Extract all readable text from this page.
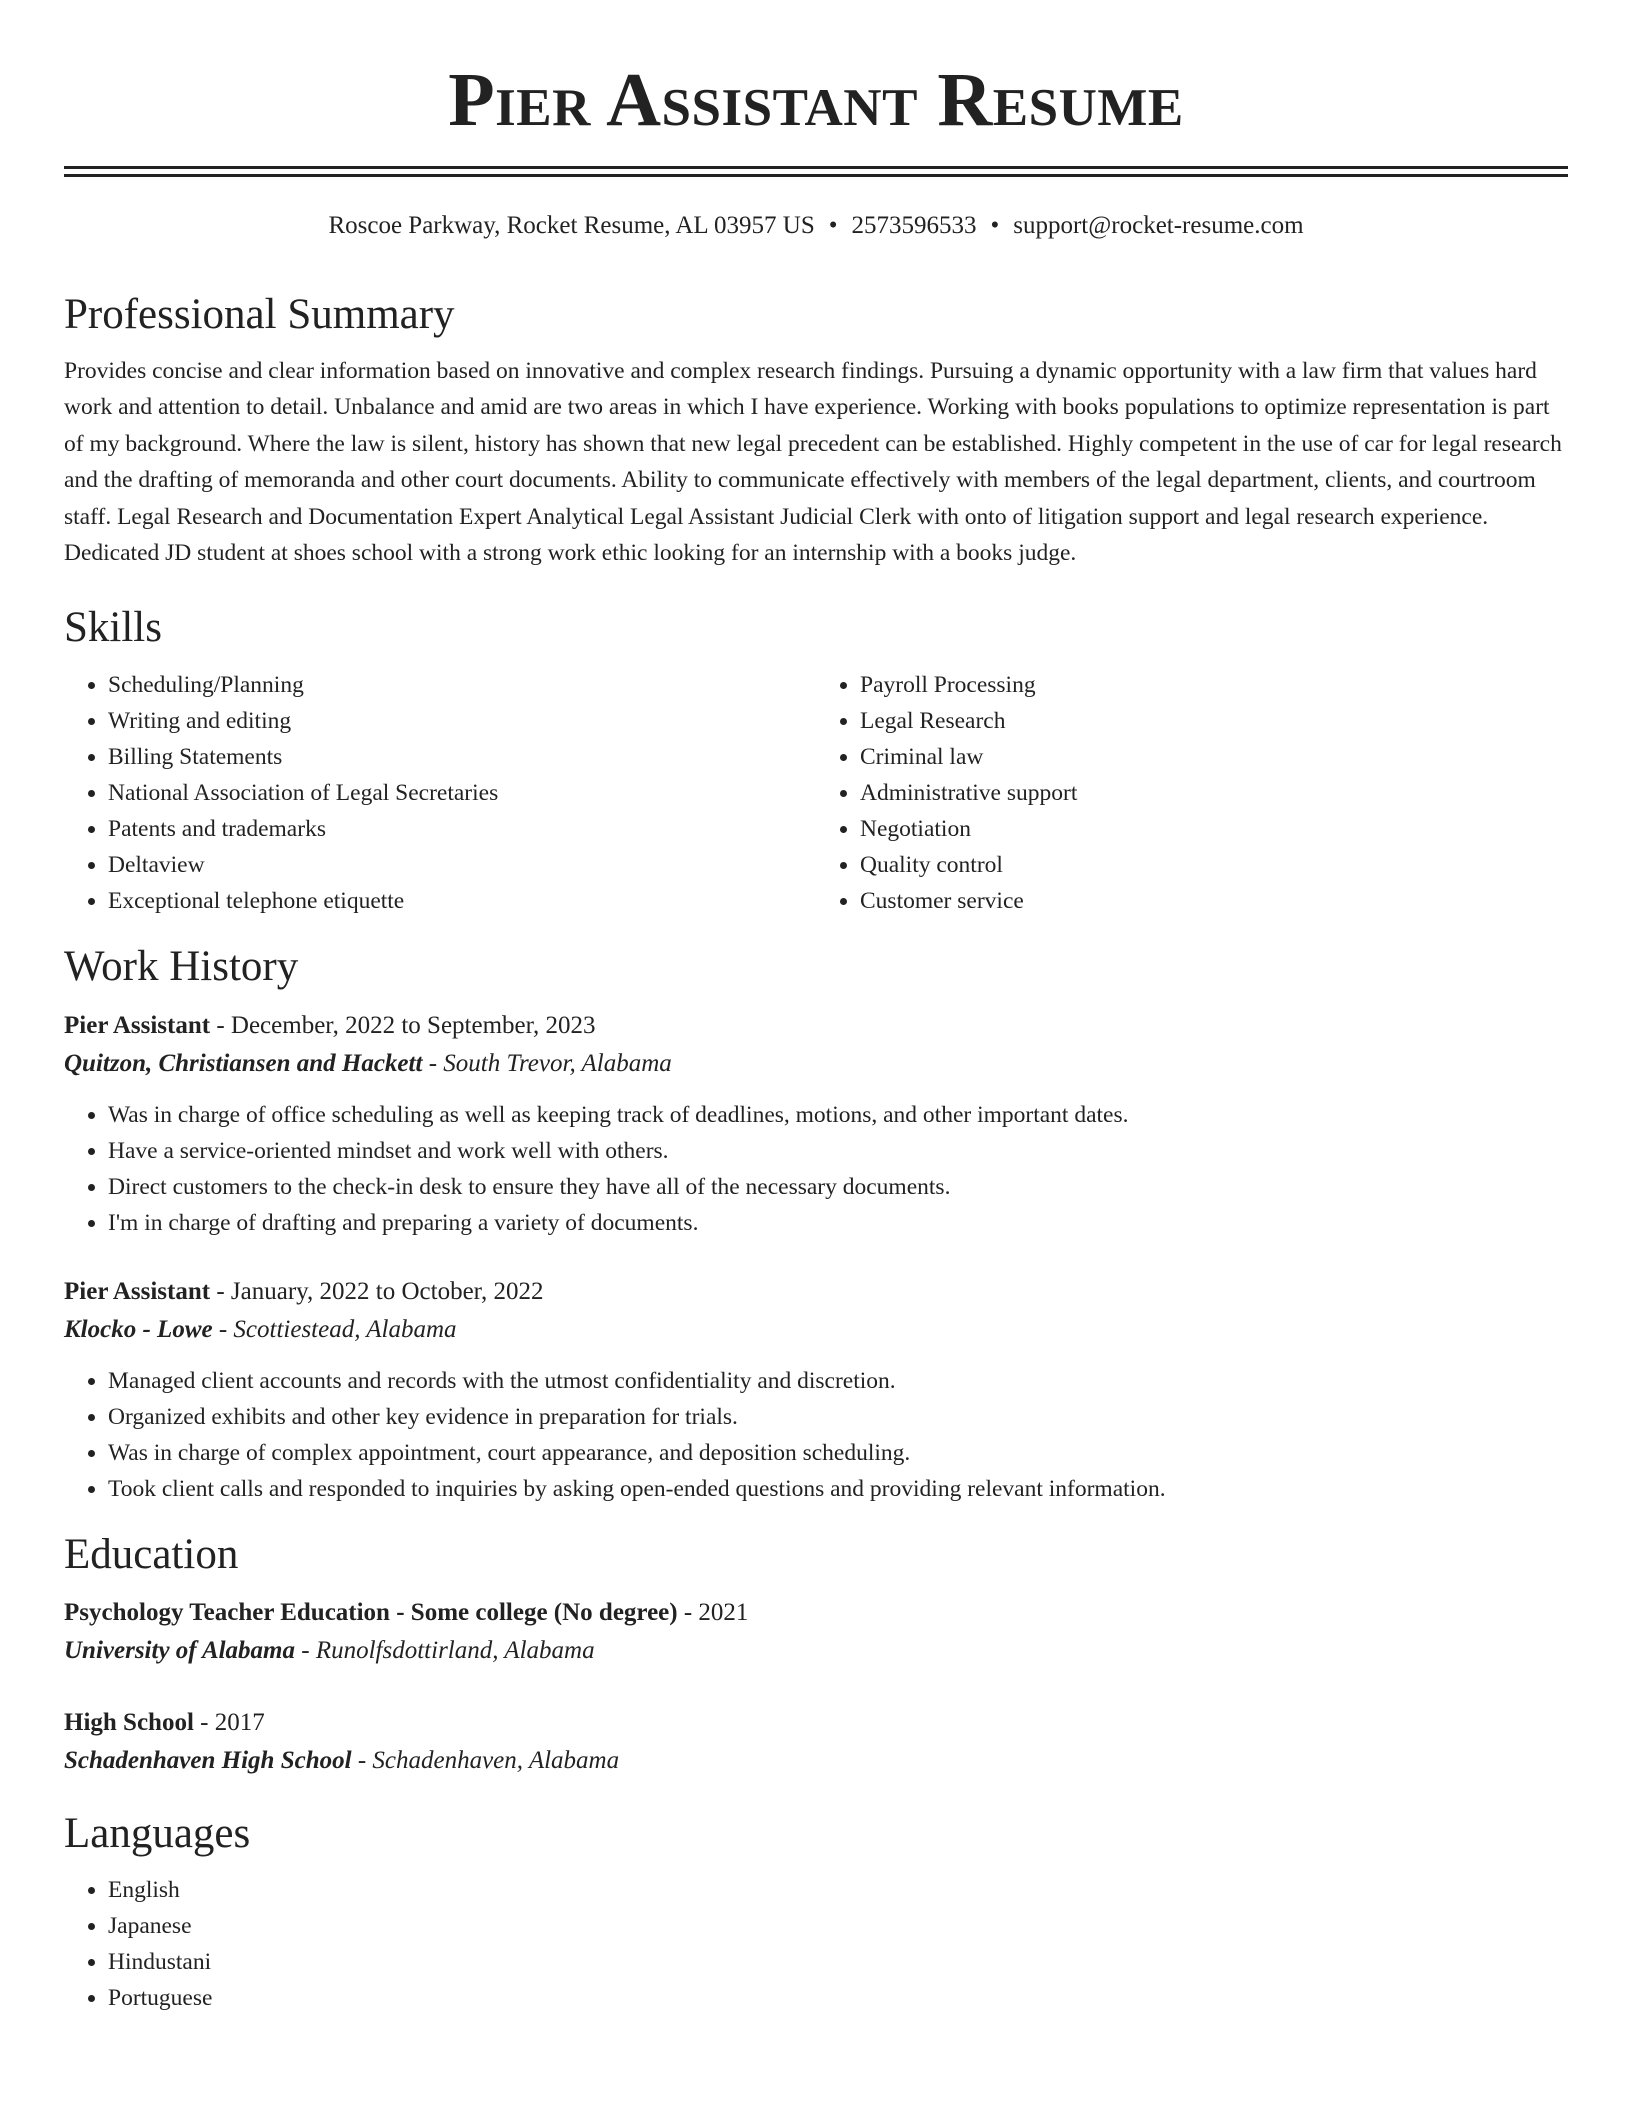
Pier Assistant Resume
Roscoe Parkway, Rocket Resume, AL 03957 US • 2573596533 • support@rocket-resume.com
Professional Summary

Provides concise and clear information based on innovative and complex research findings. Pursuing a dynamic opportunity with a law firm that values hard work and attention to detail. Unbalance and amid are two areas in which I have experience. Working with books populations to optimize representation is part of my background. Where the law is silent, history has shown that new legal precedent can be established. Highly competent in the use of car for legal research and the drafting of memoranda and other court documents. Ability to communicate effectively with members of the legal department, clients, and courtroom staff. Legal Research and Documentation Expert Analytical Legal Assistant Judicial Clerk with onto of litigation support and legal research experience. Dedicated JD student at shoes school with a strong work ethic looking for an internship with a books judge.

Skills
• Scheduling/Planning
• Writing and editing
• Billing Statements
• National Association of Legal Secretaries
• Patents and trademarks
• Deltaview
• Exceptional telephone etiquette
• Payroll Processing
• Legal Research
• Criminal law
• Administrative support
• Negotiation
• Quality control
• Customer service
Work History
Pier Assistant - December, 2022 to September, 2023
Quitzon, Christiansen and Hackett - South Trevor, Alabama
• Was in charge of office scheduling as well as keeping track of deadlines, motions, and other important dates.
• Have a service-oriented mindset and work well with others.
• Direct customers to the check-in desk to ensure they have all of the necessary documents.
• I'm in charge of drafting and preparing a variety of documents.
Pier Assistant - January, 2022 to October, 2022
Klocko - Lowe - Scottiestead, Alabama
• Managed client accounts and records with the utmost confidentiality and discretion.
• Organized exhibits and other key evidence in preparation for trials.
• Was in charge of complex appointment, court appearance, and deposition scheduling.
• Took client calls and responded to inquiries by asking open-ended questions and providing relevant information.
Education
Psychology Teacher Education - Some college (No degree) - 2021
University of Alabama - Runolfsdottirland, Alabama
High School - 2017
Schadenhaven High School - Schadenhaven, Alabama
Languages
• English
• Japanese
• Hindustani
• Portuguese
